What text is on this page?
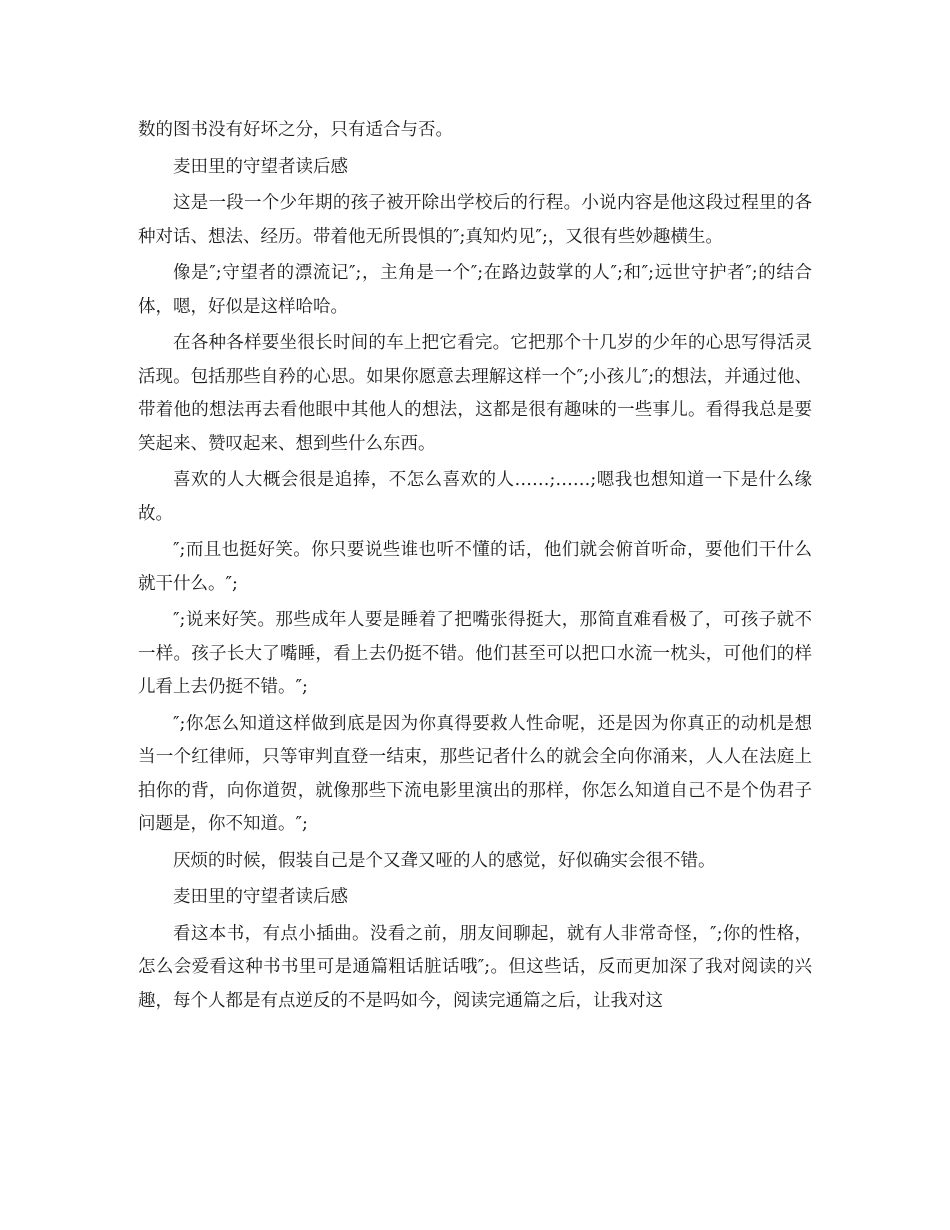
数的图书没有好坏之分，只有适合与否。

麦田里的守望者读后感

这是一段一个少年期的孩子被开除出学校后的行程。小说内容是他这段过程里的各种对话、想法、经历。带着他无所畏惧的″;真知灼见″;，又很有些妙趣横生。

像是″;守望者的漂流记″;，主角是一个″;在路边鼓掌的人″;和″;远世守护者″;的结合体，嗯，好似是这样哈哈。

在各种各样要坐很长时间的车上把它看完。它把那个十几岁的少年的心思写得活灵活现。包括那些自矜的心思。如果你愿意去理解这样一个″;小孩儿″;的想法，并通过他、带着他的想法再去看他眼中其他人的想法，这都是很有趣味的一些事儿。看得我总是要笑起来、赞叹起来、想到些什么东西。

喜欢的人大概会很是追捧，不怎么喜欢的人……;……;嗯我也想知道一下是什么缘故。

″;而且也挺好笑。你只要说些谁也听不懂的话，他们就会俯首听命，要他们干什么就干什么。″;

″;说来好笑。那些成年人要是睡着了把嘴张得挺大，那简直难看极了，可孩子就不一样。孩子长大了嘴睡，看上去仍挺不错。他们甚至可以把口水流一枕头，可他们的样儿看上去仍挺不错。″;

″;你怎么知道这样做到底是因为你真得要救人性命呢，还是因为你真正的动机是想当一个红律师，只等审判直登一结束，那些记者什么的就会全向你涌来，人人在法庭上拍你的背，向你道贺，就像那些下流电影里演出的那样，你怎么知道自己不是个伪君子问题是，你不知道。″;

厌烦的时候，假装自己是个又聋又哑的人的感觉，好似确实会很不错。

麦田里的守望者读后感

看这本书，有点小插曲。没看之前，朋友间聊起，就有人非常奇怪，″;你的性格，怎么会爱看这种书书里可是通篇粗话脏话哦″;。但这些话，反而更加深了我对阅读的兴趣，每个人都是有点逆反的不是吗如今，阅读完通篇之后，让我对这
